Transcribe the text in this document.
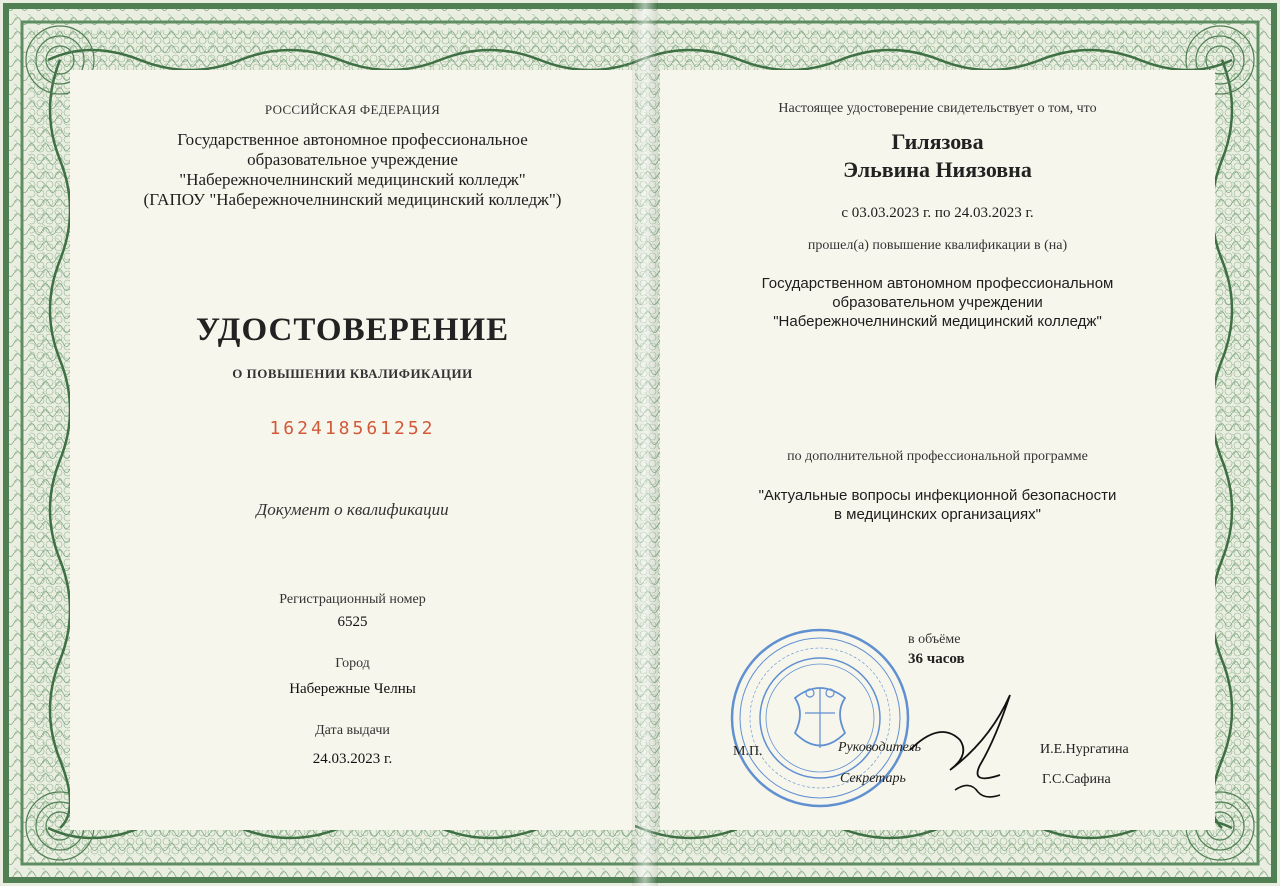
РОССИЙСКАЯ ФЕДЕРАЦИЯ
Государственное автономное профессиональное
образовательное учреждение
"Набережночелнинский медицинский колледж"
(ГАПОУ "Набережночелнинский медицинский колледж")
УДОСТОВЕРЕНИЕ
О ПОВЫШЕНИИ КВАЛИФИКАЦИИ
162418561252
Документ о квалификации
Регистрационный номер
6525
Город
Набережные Челны
Дата выдачи
24.03.2023 г.
Настоящее удостоверение свидетельствует о том, что
Гилязова
Эльвина Ниязовна
с 03.03.2023 г. по 24.03.2023 г.
прошел(а) повышение квалификации в (на)
Государственном автономном профессиональном
образовательном учреждении
"Набережночелнинский медицинский колледж"
по дополнительной профессиональной программе
"Актуальные вопросы инфекционной безопасности
в медицинских организациях"
в объёме
36 часов
М.П.	Руководитель	И.Е.Нургатина
Секретарь	Г.С.Сафина
